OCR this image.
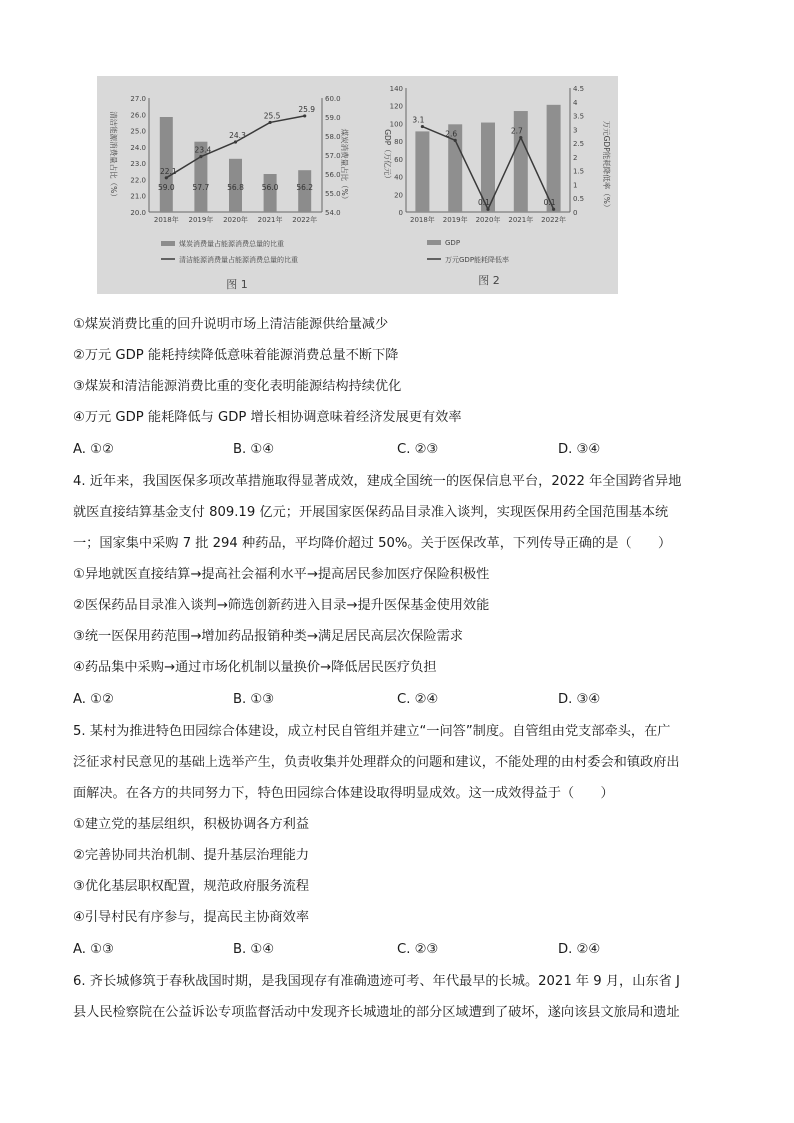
20.0
21.0
22.0
23.0
24.0
25.0
26.0
27.0
54.0
55.0
56.0
57.0
58.0
59.0
60.0
清洁能源消费量占比（%）	煤炭消费量占比（%）
59.0
2018年
57.7
2019年
56.8
2020年
56.0
2021年
56.2
2022年
22.1
23.4
24.3
25.5
25.9
煤炭消费量占能源消费总量的比重
清洁能源消费量占能源消费总量的比重
图 1
0
20
40
60
80
100
120
140
0
0.5
1
1.5
2
2.5
3
3.5
4
4.5
GDP（万亿元）	万元GDP能耗降低率（%）
2018年 2019年 2020年 2021年 2022年
3.1
2.6
0.1
2.7
0.1
GDP
万元GDP能耗降低率
图 2
①煤炭消费比重的回升说明市场上清洁能源供给量减少
②万元 GDP 能耗持续降低意味着能源消费总量不断下降
③煤炭和清洁能源消费比重的变化表明能源结构持续优化
④万元 GDP 能耗降低与 GDP 增长相协调意味着经济发展更有效率
A. ①②	B. ①④	C. ②③	D. ③④
4. 近年来，我国医保多项改革措施取得显著成效，建成全国统一的医保信息平台，2022 年全国跨省异地
就医直接结算基金支付 809.19 亿元；开展国家医保药品目录准入谈判，实现医保用药全国范围基本统
一；国家集中采购 7 批 294 种药品，平均降价超过 50%。关于医保改革，下列传导正确的是（　　）
①异地就医直接结算→提高社会福利水平→提高居民参加医疗保险积极性
②医保药品目录准入谈判→筛选创新药进入目录→提升医保基金使用效能
③统一医保用药范围→增加药品报销种类→满足居民高层次保险需求
④药品集中采购→通过市场化机制以量换价→降低居民医疗负担
A. ①②	B. ①③	C. ②④	D. ③④
5. 某村为推进特色田园综合体建设，成立村民自管组并建立“一问答”制度。自管组由党支部牵头，在广
泛征求村民意见的基础上选举产生，负责收集并处理群众的问题和建议，不能处理的由村委会和镇政府出
面解决。在各方的共同努力下，特色田园综合体建设取得明显成效。这一成效得益于（　　）
①建立党的基层组织，积极协调各方利益
②完善协同共治机制、提升基层治理能力
③优化基层职权配置，规范政府服务流程
④引导村民有序参与，提高民主协商效率
A. ①③	B. ①④	C. ②③	D. ②④
6. 齐长城修筑于春秋战国时期，是我国现存有准确遗迹可考、年代最早的长城。2021 年 9 月，山东省 J
县人民检察院在公益诉讼专项监督活动中发现齐长城遗址的部分区域遭到了破坏，遂向该县文旅局和遗址
